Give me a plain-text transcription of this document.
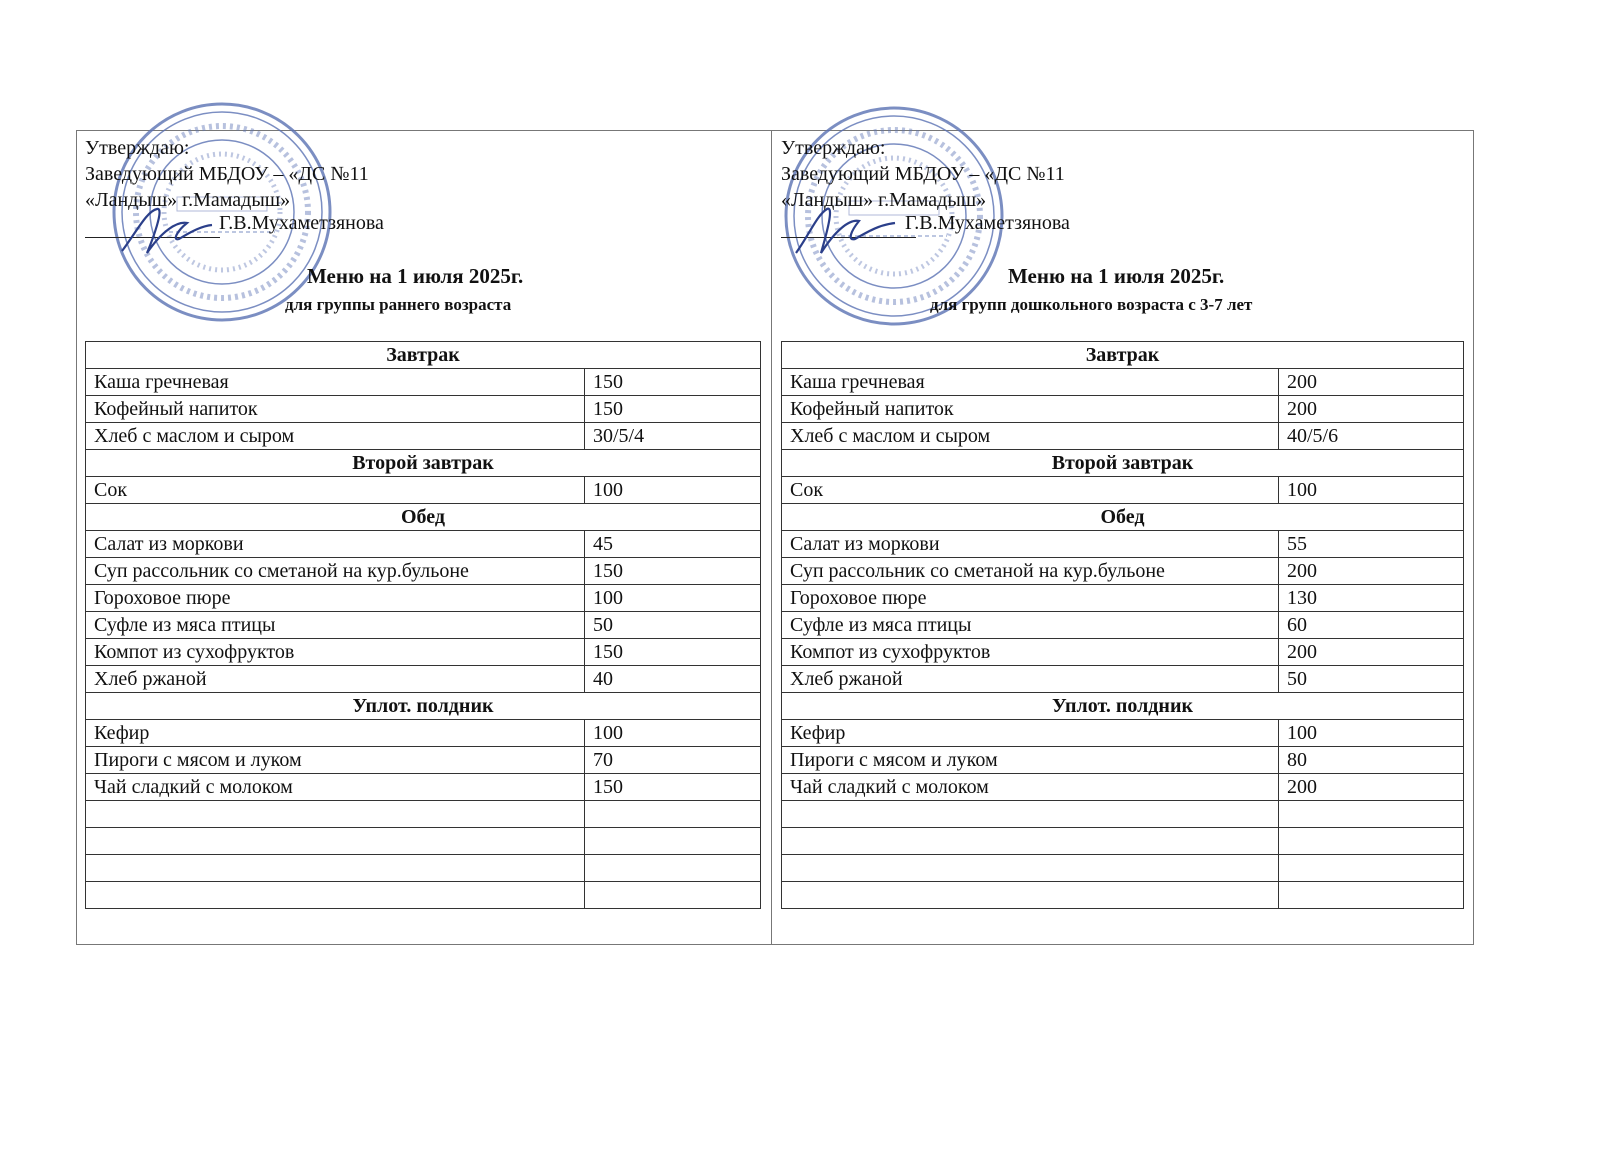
Утверждаю:
Заведующий МБДОУ – «ДС №11
«Ландыш» г.Мамадыш»
Г.В.Мухаметзянова
Меню на 1 июля 2025г.
для группы раннего возраста
Завтрак	
Каша гречневая	150
Кофейный напиток	150
Хлеб с маслом и сыром	30/5/4
Второй завтрак	
Сок	100
Обед	
Салат из моркови	45
Суп рассольник со сметаной на кур.бульоне	150
Гороховое пюре	100
Суфле из мяса птицы	50
Компот из сухофруктов	150
Хлеб ржаной	40
Уплот. полдник	
Кефир	100
Пироги с мясом и луком	70
Чай сладкий с молоком	150

Утверждаю:
Заведующий МБДОУ – «ДС №11
«Ландыш» г.Мамадыш»
Г.В.Мухаметзянова
Меню на 1 июля 2025г.
для групп дошкольного возраста с 3-7 лет
Завтрак	
Каша гречневая	200
Кофейный напиток	200
Хлеб с маслом и сыром	40/5/6
Второй завтрак	
Сок	100
Обед	
Салат из моркови	55
Суп рассольник со сметаной на кур.бульоне	200
Гороховое пюре	130
Суфле из мяса птицы	60
Компот из сухофруктов	200
Хлеб ржаной	50
Уплот. полдник	
Кефир	100
Пироги с мясом и луком	80
Чай сладкий с молоком	200
